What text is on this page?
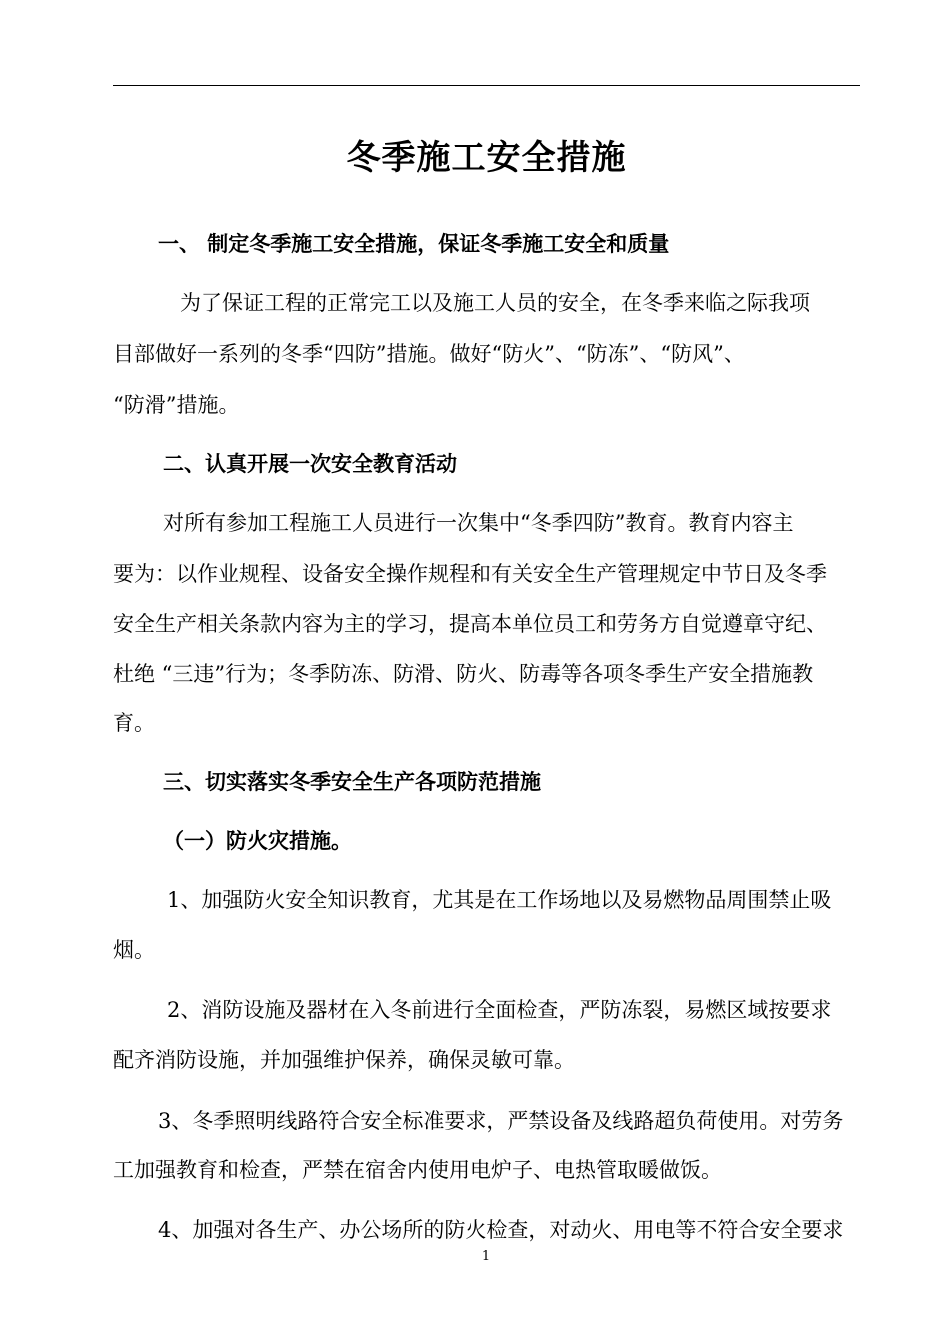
冬季施工安全措施
一、 制定冬季施工安全措施，保证冬季施工安全和质量
为了保证工程的正常完工以及施工人员的安全，在冬季来临之际我项
目部做好一系列的冬季“四防”措施。做好“防火”、“防冻”、“防风”、
“防滑”措施。
二、认真开展一次安全教育活动
对所有参加工程施工人员进行一次集中“冬季四防”教育。教育内容主
要为：以作业规程、设备安全操作规程和有关安全生产管理规定中节日及冬季
安全生产相关条款内容为主的学习，提高本单位员工和劳务方自觉遵章守纪、
杜绝 “三违”行为；冬季防冻、防滑、防火、防毒等各项冬季生产安全措施教
育。
三、切实落实冬季安全生产各项防范措施
（一）防火灾措施。
1、加强防火安全知识教育，尤其是在工作场地以及易燃物品周围禁止吸
烟。
2、消防设施及器材在入冬前进行全面检查，严防冻裂，易燃区域按要求
配齐消防设施，并加强维护保养，确保灵敏可靠。
3、冬季照明线路符合安全标准要求，严禁设备及线路超负荷使用。对劳务
工加强教育和检查，严禁在宿舍内使用电炉子、电热管取暖做饭。
4、加强对各生产、办公场所的防火检查，对动火、用电等不符合安全要求
1
